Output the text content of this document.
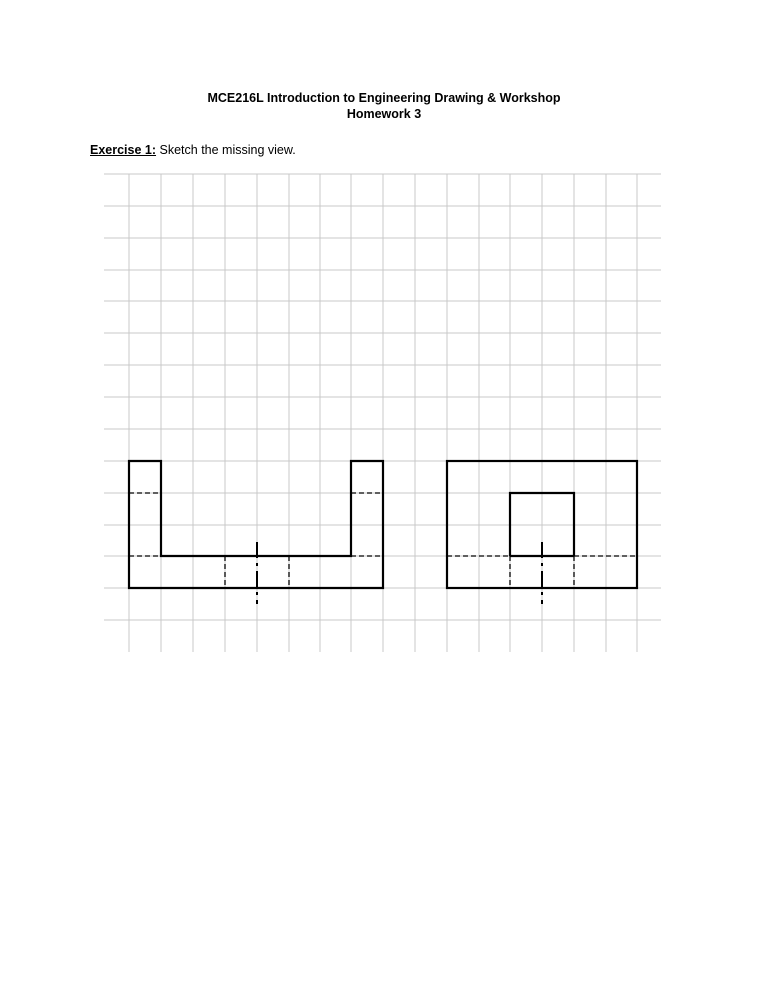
MCE216L Introduction to Engineering Drawing & Workshop
Homework 3
Exercise 1: Sketch the missing view.
